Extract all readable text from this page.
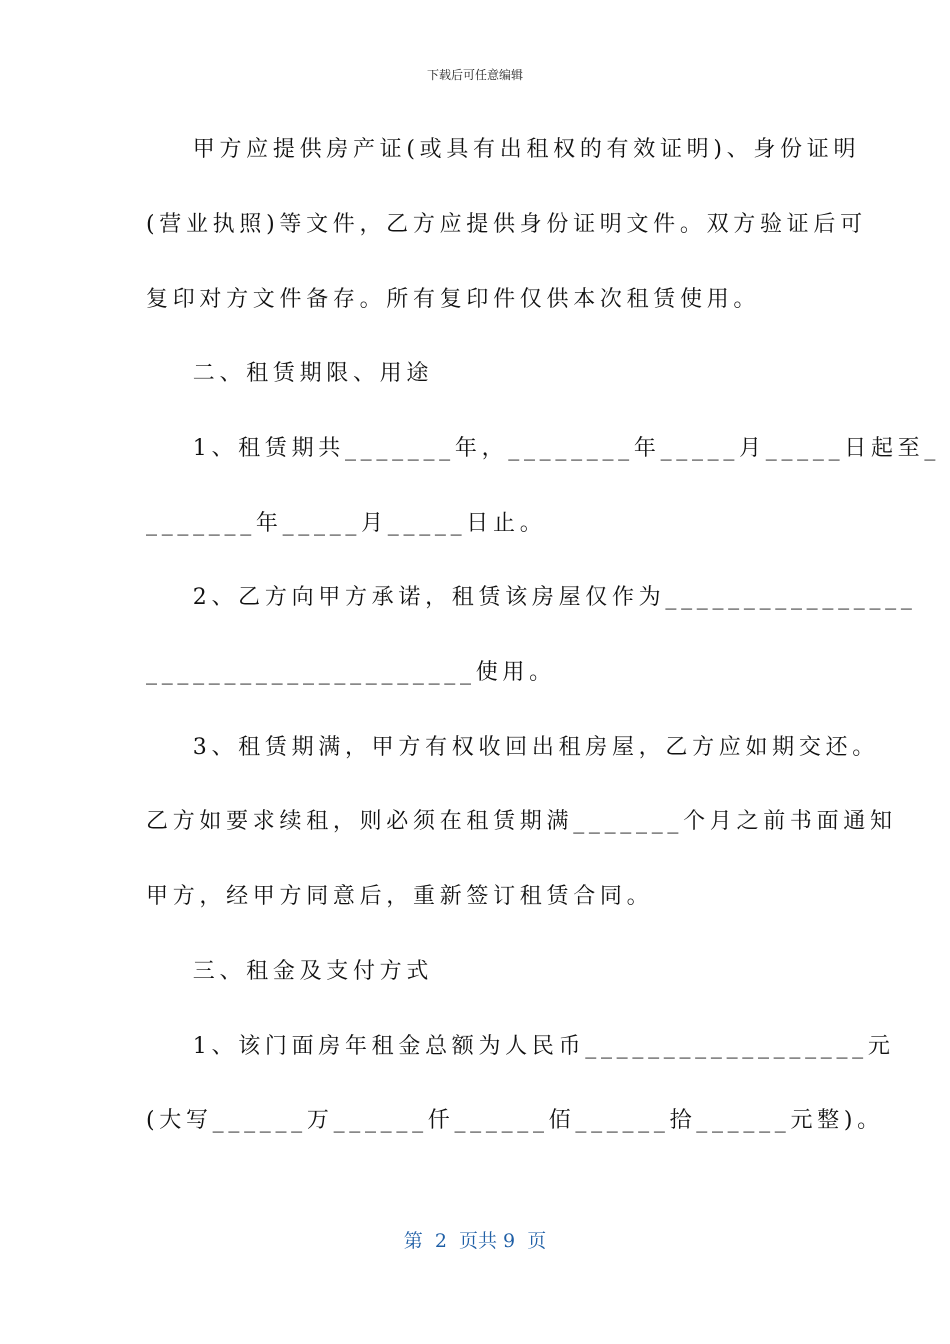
下载后可任意编辑
甲方应提供房产证(或具有出租权的有效证明)、身份证明
(营业执照)等文件，乙方应提供身份证明文件。双方验证后可
复印对方文件备存。所有复印件仅供本次租赁使用。
二、租赁期限、用途
1、租赁期共_______年，________年_____月_____日起至_
_______年_____月_____日止。
2、乙方向甲方承诺，租赁该房屋仅作为________________
_____________________使用。
3、租赁期满，甲方有权收回出租房屋，乙方应如期交还。
乙方如要求续租，则必须在租赁期满_______个月之前书面通知
甲方，经甲方同意后，重新签订租赁合同。
三、租金及支付方式
1、该门面房年租金总额为人民币__________________元
(大写______万______仟______佰______拾______元整)。
第  2  页共 9  页
